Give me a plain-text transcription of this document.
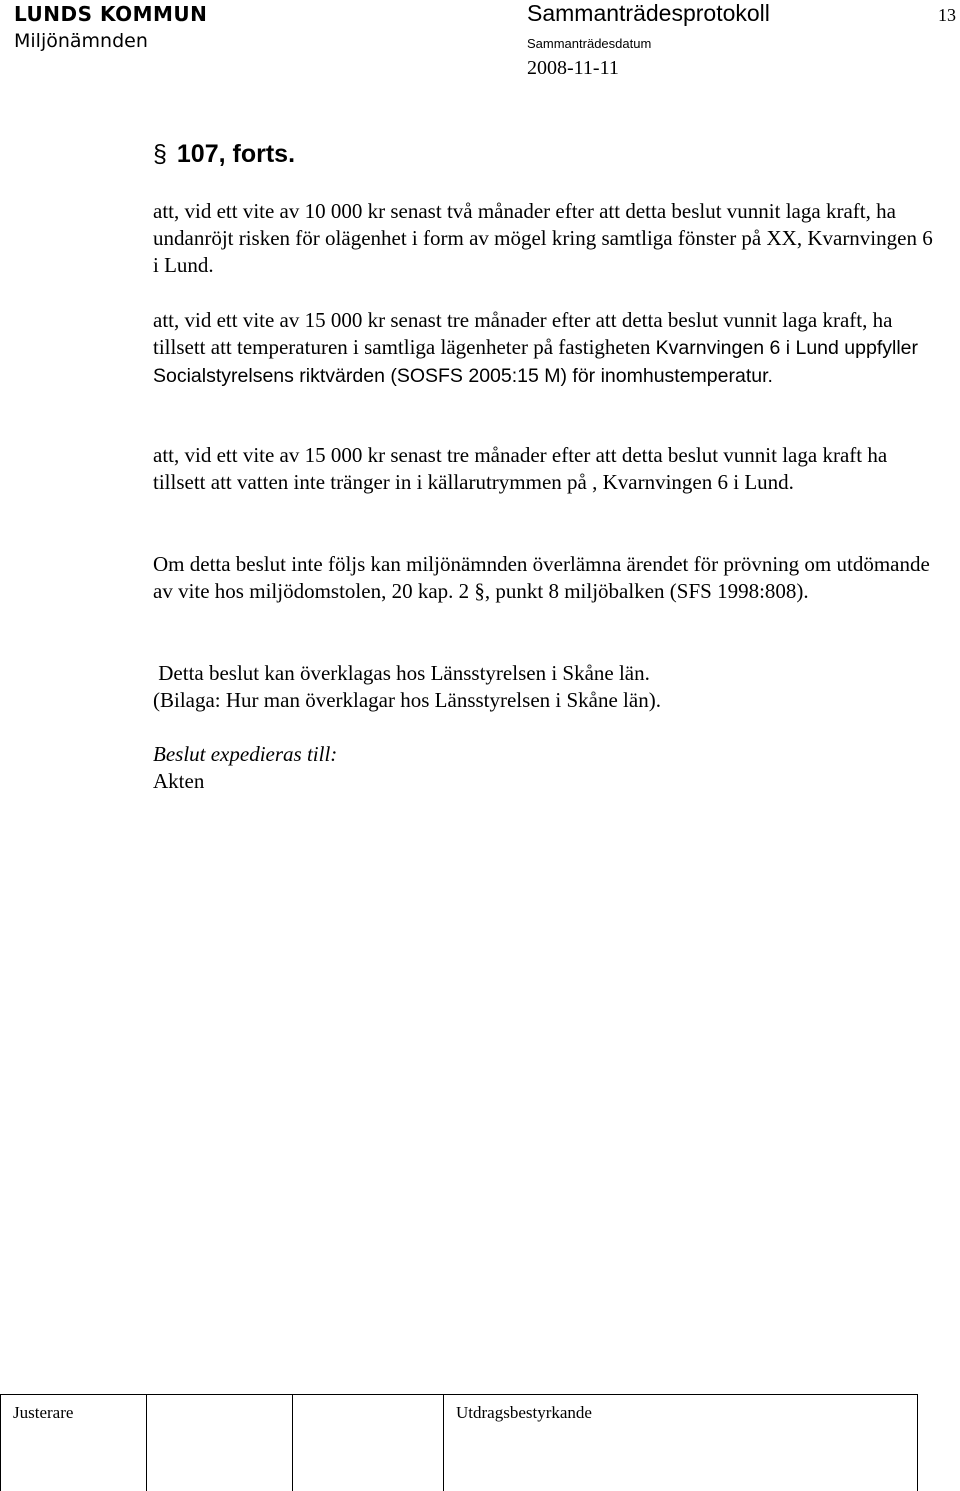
LUNDS KOMMUN
Miljönämnden
Sammanträdesprotokoll	13
Sammanträdesdatum
2008-11-11
§ 107, forts.

att, vid ett vite av 10 000 kr senast två månader efter att detta beslut vunnit laga kraft, ha undanröjt risken för olägenhet i form av mögel kring samtliga fönster på XX, Kvarnvingen 6 i Lund.

att, vid ett vite av 15 000 kr senast tre månader efter att detta beslut vunnit laga kraft, ha tillsett att temperaturen i samtliga lägenheter på fastigheten Kvarnvingen 6 i Lund uppfyller Socialstyrelsens riktvärden (SOSFS 2005:15 M) för inomhustemperatur.

att, vid ett vite av 15 000 kr senast tre månader efter att detta beslut vunnit laga kraft ha tillsett att vatten inte tränger in i källarutrymmen på , Kvarnvingen 6 i Lund.

Om detta beslut inte följs kan miljönämnden överlämna ärendet för prövning om utdömande av vite hos miljödomstolen, 20 kap. 2 §, punkt 8 miljöbalken (SFS 1998:808).

Detta beslut kan överklagas hos Länsstyrelsen i Skåne län.

(Bilaga: Hur man överklagar hos Länsstyrelsen i Skåne län).

Beslut expedieras till:

Akten

Justerare	Utdragsbestyrkande
